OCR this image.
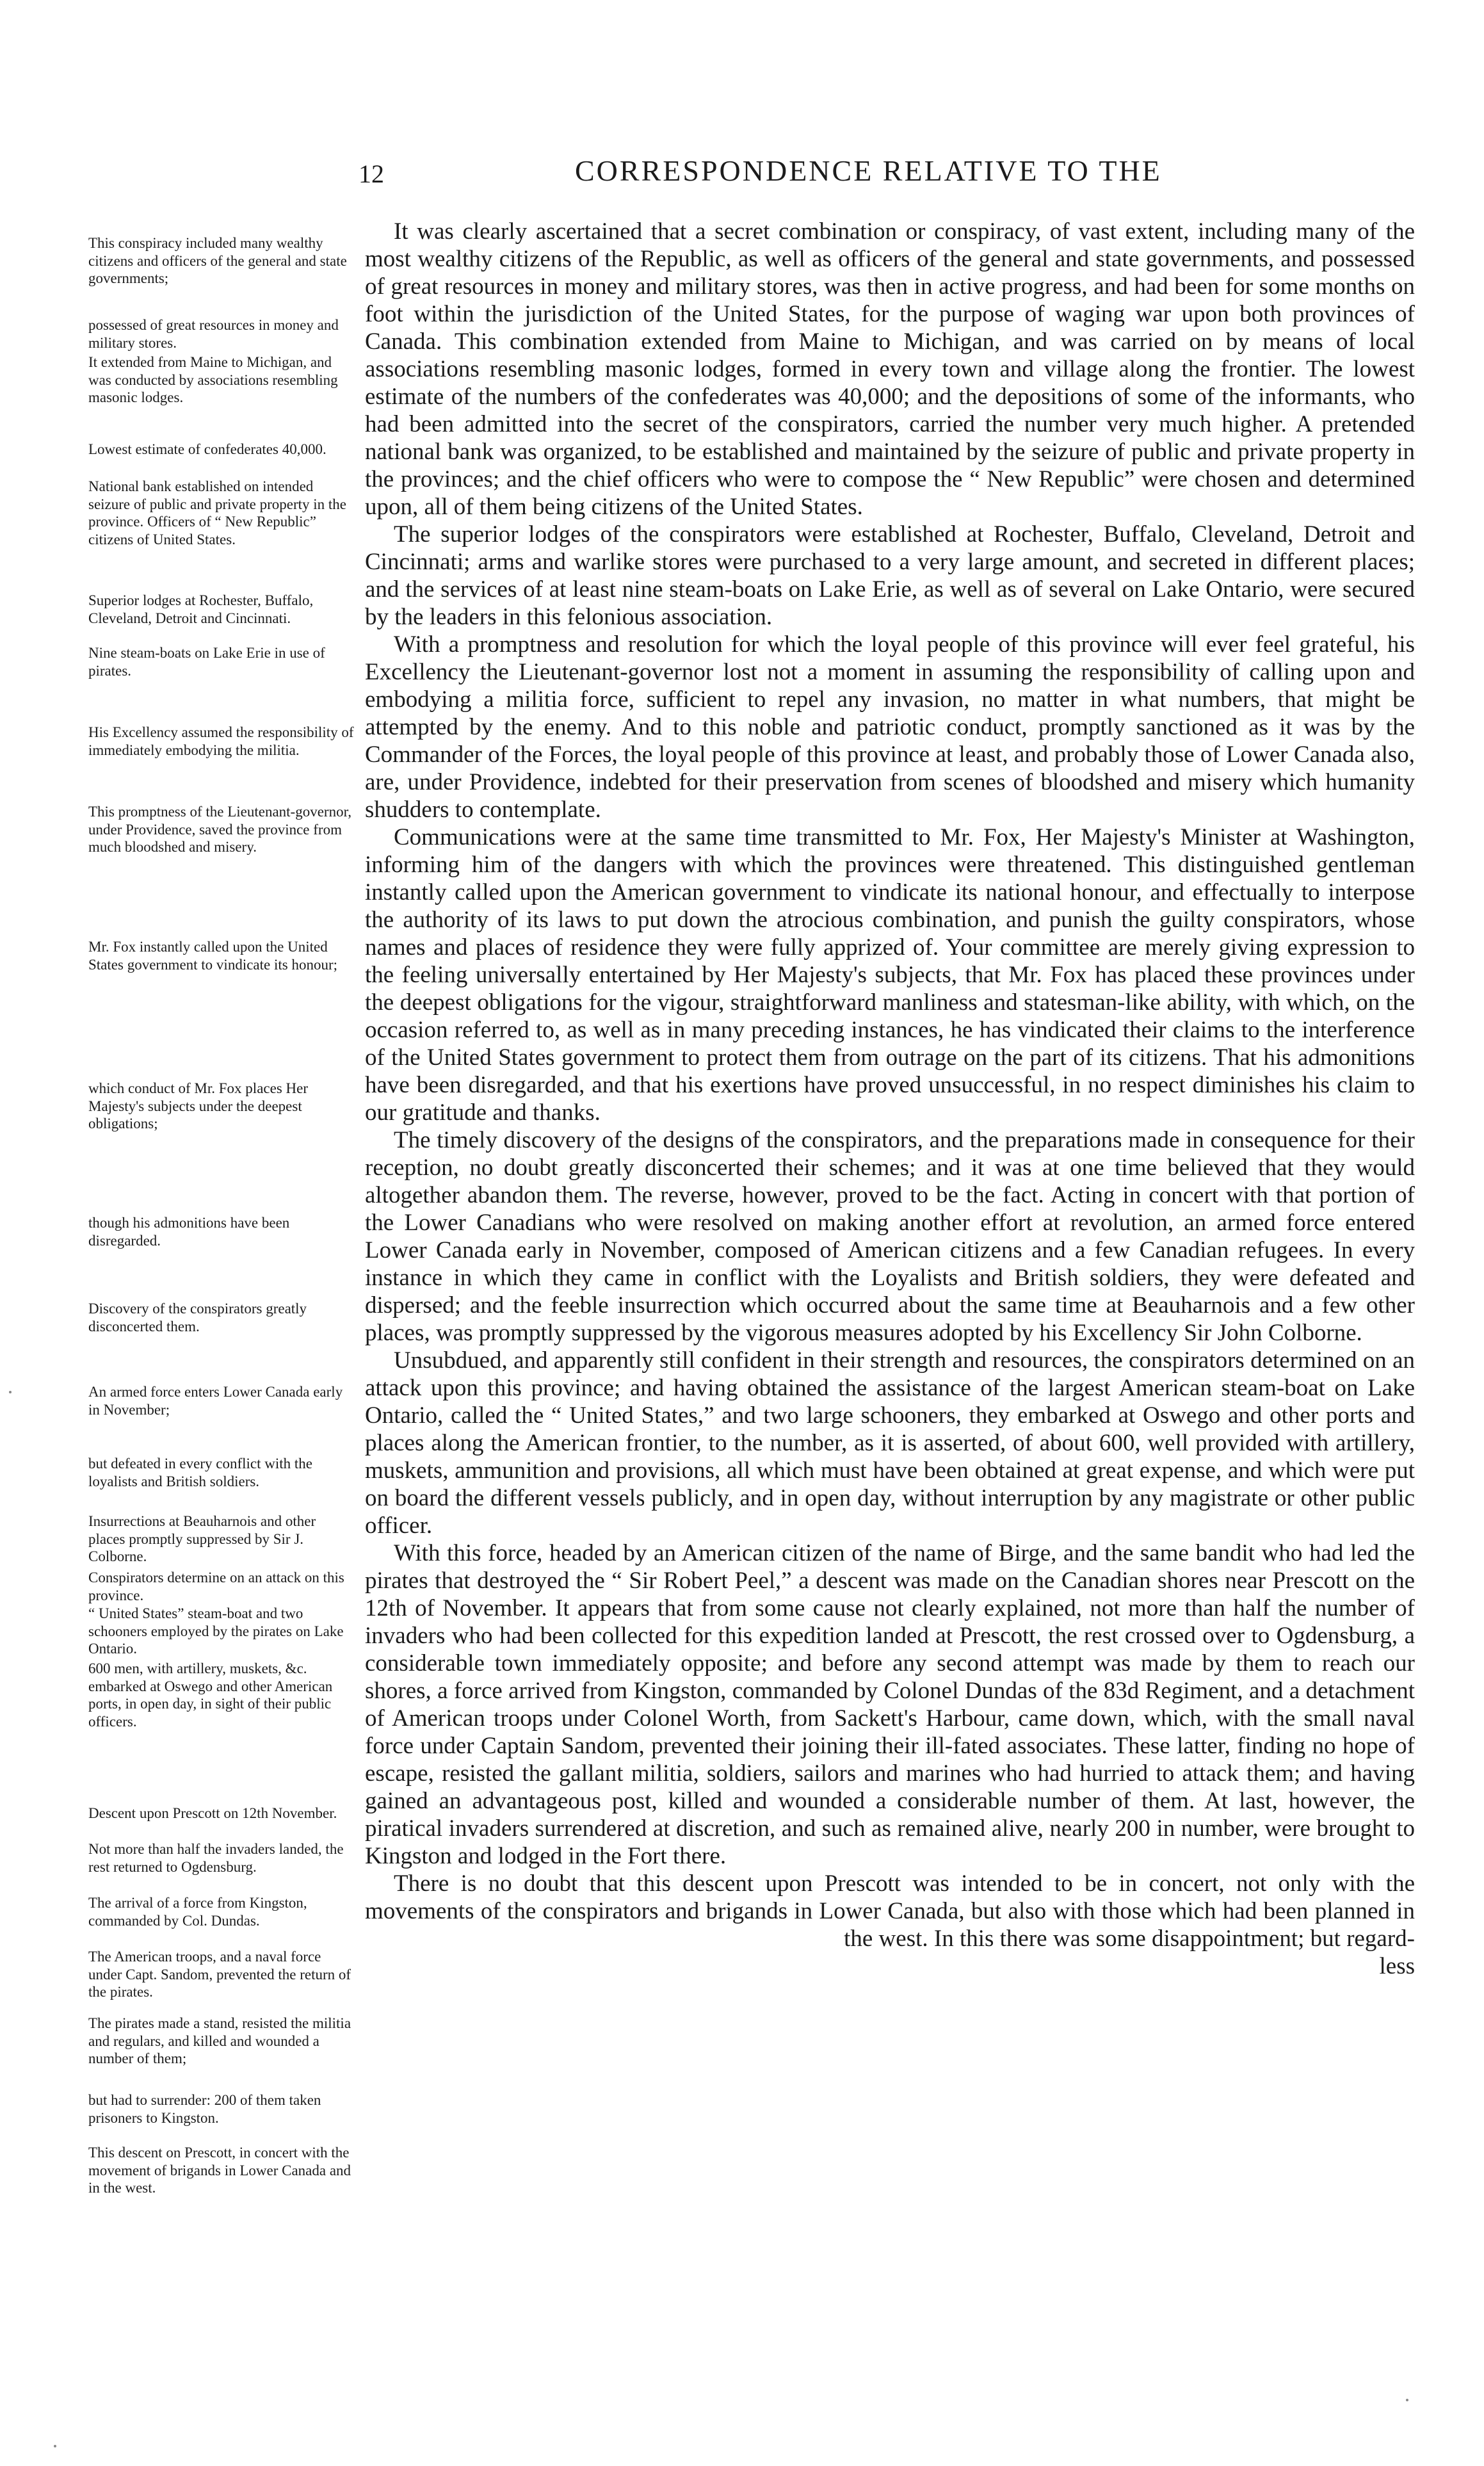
12	CORRESPONDENCE RELATIVE TO THE

This conspiracy included many wealthy citizens and officers of the general and state governments;

possessed of great resources in money and military stores.

It extended from Maine to Michigan, and was conducted by associations resembling masonic lodges.

Lowest estimate of confederates 40,000.

National bank established on intended seizure of public and private property in the province. Officers of “ New Republic” citizens of United States.

Superior lodges at Rochester, Buffalo, Cleveland, Detroit and Cincinnati.

Nine steam-boats on Lake Erie in use of pirates.

His Excellency assumed the responsibility of immediately embodying the militia.

This promptness of the Lieutenant-governor, under Providence, saved the province from much bloodshed and misery.

Mr. Fox instantly called upon the United States government to vindicate its honour;

which conduct of Mr. Fox places Her Majesty's subjects under the deepest obligations;

though his admonitions have been disregarded.

Discovery of the conspirators greatly disconcerted them.

An armed force enters Lower Canada early in November;

but defeated in every conflict with the loyalists and British soldiers.

Insurrections at Beauharnois and other places promptly suppressed by Sir J. Colborne.

Conspirators determine on an attack on this province.

“ United States” steam-boat and two schooners employed by the pirates on Lake Ontario.

600 men, with artillery, muskets, &c. embarked at Oswego and other American ports, in open day, in sight of their public officers.

Descent upon Prescott on 12th November.

Not more than half the invaders landed, the rest returned to Ogdensburg.

The arrival of a force from Kingston, commanded by Col. Dundas.

The American troops, and a naval force under Capt. Sandom, prevented the return of the pirates.

The pirates made a stand, resisted the militia and regulars, and killed and wounded a number of them;

but had to surrender: 200 of them taken prisoners to Kingston.

This descent on Prescott, in concert with the movement of brigands in Lower Canada and in the west.

It was clearly ascertained that a secret combination or conspiracy, of vast extent, including many of the most wealthy citizens of the Republic, as well as officers of the general and state governments, and possessed of great resources in money and military stores, was then in active progress, and had been for some months on foot within the jurisdiction of the United States, for the purpose of waging war upon both provinces of Canada. This combination extended from Maine to Michigan, and was carried on by means of local associations resembling masonic lodges, formed in every town and village along the frontier. The lowest estimate of the numbers of the confederates was 40,000; and the depositions of some of the informants, who had been admitted into the secret of the conspirators, carried the number very much higher. A pretended national bank was organized, to be established and maintained by the seizure of public and private property in the provinces; and the chief officers who were to compose the “ New Republic” were chosen and determined upon, all of them being citizens of the United States.

The superior lodges of the conspirators were established at Rochester, Buffalo, Cleveland, Detroit and Cincinnati; arms and warlike stores were purchased to a very large amount, and secreted in different places; and the services of at least nine steam-boats on Lake Erie, as well as of several on Lake Ontario, were secured by the leaders in this felonious association.

With a promptness and resolution for which the loyal people of this province will ever feel grateful, his Excellency the Lieutenant-governor lost not a moment in assuming the responsibility of calling upon and embodying a militia force, sufficient to repel any invasion, no matter in what numbers, that might be attempted by the enemy. And to this noble and patriotic conduct, promptly sanctioned as it was by the Commander of the Forces, the loyal people of this province at least, and probably those of Lower Canada also, are, under Providence, indebted for their preservation from scenes of bloodshed and misery which humanity shudders to contemplate.

Communications were at the same time transmitted to Mr. Fox, Her Majesty's Minister at Washington, informing him of the dangers with which the provinces were threatened. This distinguished gentleman instantly called upon the American government to vindicate its national honour, and effectually to interpose the authority of its laws to put down the atrocious combination, and punish the guilty conspirators, whose names and places of residence they were fully apprized of. Your committee are merely giving expression to the feeling universally entertained by Her Majesty's subjects, that Mr. Fox has placed these provinces under the deepest obligations for the vigour, straightforward manliness and statesman-like ability, with which, on the occasion referred to, as well as in many preceding instances, he has vindicated their claims to the interference of the United States government to protect them from outrage on the part of its citizens. That his admonitions have been disregarded, and that his exertions have proved unsuccessful, in no respect diminishes his claim to our gratitude and thanks.

The timely discovery of the designs of the conspirators, and the preparations made in consequence for their reception, no doubt greatly disconcerted their schemes; and it was at one time believed that they would altogether abandon them. The reverse, however, proved to be the fact. Acting in concert with that portion of the Lower Canadians who were resolved on making another effort at revolution, an armed force entered Lower Canada early in November, composed of American citizens and a few Canadian refugees. In every instance in which they came in conflict with the Loyalists and British soldiers, they were defeated and dispersed; and the feeble insurrection which occurred about the same time at Beauharnois and a few other places, was promptly suppressed by the vigorous measures adopted by his Excellency Sir John Colborne.

Unsubdued, and apparently still confident in their strength and resources, the conspirators determined on an attack upon this province; and having obtained the assistance of the largest American steam-boat on Lake Ontario, called the “ United States,” and two large schooners, they embarked at Oswego and other ports and places along the American frontier, to the number, as it is asserted, of about 600, well provided with artillery, muskets, ammunition and provisions, all which must have been obtained at great expense, and which were put on board the different vessels publicly, and in open day, without interruption by any magistrate or other public officer.

With this force, headed by an American citizen of the name of Birge, and the same bandit who had led the pirates that destroyed the “ Sir Robert Peel,” a descent was made on the Canadian shores near Prescott on the 12th of November. It appears that from some cause not clearly explained, not more than half the number of invaders who had been collected for this expedition landed at Prescott, the rest crossed over to Ogdensburg, a considerable town immediately opposite; and before any second attempt was made by them to reach our shores, a force arrived from Kingston, commanded by Colonel Dundas of the 83d Regiment, and a detachment of American troops under Colonel Worth, from Sackett's Harbour, came down, which, with the small naval force under Captain Sandom, prevented their joining their ill-fated associates. These latter, finding no hope of escape, resisted the gallant militia, soldiers, sailors and marines who had hurried to attack them; and having gained an advantageous post, killed and wounded a considerable number of them. At last, however, the piratical invaders surrendered at discretion, and such as remained alive, nearly 200 in number, were brought to Kingston and lodged in the Fort there.

There is no doubt that this descent upon Prescott was intended to be in concert, not only with the movements of the conspirators and brigands in Lower Canada, but also with those which had been planned in the west. In this there was some disappointment; but regard-

less
